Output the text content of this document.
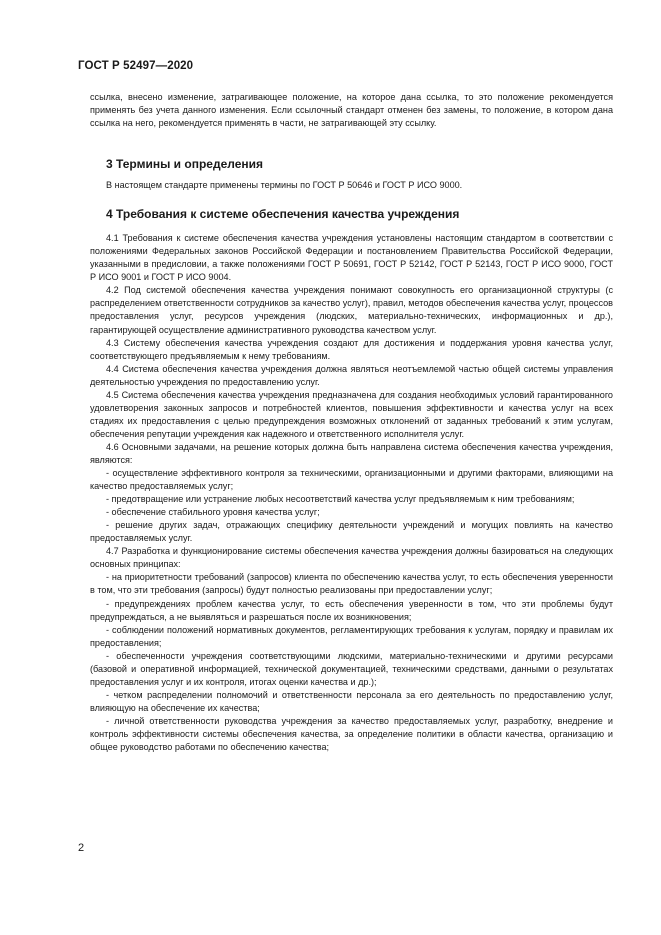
ГОСТ Р 52497—2020

ссылка, внесено изменение, затрагивающее положение, на которое дана ссылка, то это положение рекомендуется применять без учета данного изменения. Если ссылочный стандарт отменен без замены, то положение, в котором дана ссылка на него, рекомендуется применять в части, не затрагивающей эту ссылку.

3 Термины и определения

В настоящем стандарте применены термины по ГОСТ Р 50646 и ГОСТ Р ИСО 9000.

4 Требования к системе обеспечения качества учреждения

4.1 Требования к системе обеспечения качества учреждения установлены настоящим стандартом в соответствии с положениями Федеральных законов Российской Федерации и постановлением Правительства Российской Федерации, указанными в предисловии, а также положениями ГОСТ Р 50691, ГОСТ Р 52142, ГОСТ Р 52143, ГОСТ Р ИСО 9000, ГОСТ Р ИСО 9001 и ГОСТ Р ИСО 9004.

4.2 Под системой обеспечения качества учреждения понимают совокупность его организационной структуры (с распределением ответственности сотрудников за качество услуг), правил, методов обеспечения качества услуг, процессов предоставления услуг, ресурсов учреждения (людских, материально-технических, информационных и др.), гарантирующей осуществление административного руководства качеством услуг.

4.3 Систему обеспечения качества учреждения создают для достижения и поддержания уровня качества услуг, соответствующего предъявляемым к нему требованиям.

4.4 Система обеспечения качества учреждения должна являться неотъемлемой частью общей системы управления деятельностью учреждения по предоставлению услуг.

4.5 Система обеспечения качества учреждения предназначена для создания необходимых условий гарантированного удовлетворения законных запросов и потребностей клиентов, повышения эффективности и качества услуг на всех стадиях их предоставления с целью предупреждения возможных отклонений от заданных требований к этим услугам, обеспечения репутации учреждения как надежного и ответственного исполнителя услуг.

4.6 Основными задачами, на решение которых должна быть направлена система обеспечения качества учреждения, являются:

- осуществление эффективного контроля за техническими, организационными и другими факторами, влияющими на качество предоставляемых услуг;

- предотвращение или устранение любых несоответствий качества услуг предъявляемым к ним требованиям;

- обеспечение стабильного уровня качества услуг;

- решение других задач, отражающих специфику деятельности учреждений и могущих повлиять на качество предоставляемых услуг.

4.7 Разработка и функционирование системы обеспечения качества учреждения должны базироваться на следующих основных принципах:

- на приоритетности требований (запросов) клиента по обеспечению качества услуг, то есть обеспечения уверенности в том, что эти требования (запросы) будут полностью реализованы при предоставлении услуг;

- предупреждениях проблем качества услуг, то есть обеспечения уверенности в том, что эти проблемы будут предупреждаться, а не выявляться и разрешаться после их возникновения;

- соблюдении положений нормативных документов, регламентирующих требования к услугам, порядку и правилам их предоставления;

- обеспеченности учреждения соответствующими людскими, материально-техническими и другими ресурсами (базовой и оперативной информацией, технической документацией, техническими средствами, данными о результатах предоставления услуг и их контроля, итогах оценки качества и др.);

- четком распределении полномочий и ответственности персонала за его деятельность по предоставлению услуг, влияющую на обеспечение их качества;

- личной ответственности руководства учреждения за качество предоставляемых услуг, разработку, внедрение и контроль эффективности системы обеспечения качества, за определение политики в области качества, организацию и общее руководство работами по обеспечению качества;

2
